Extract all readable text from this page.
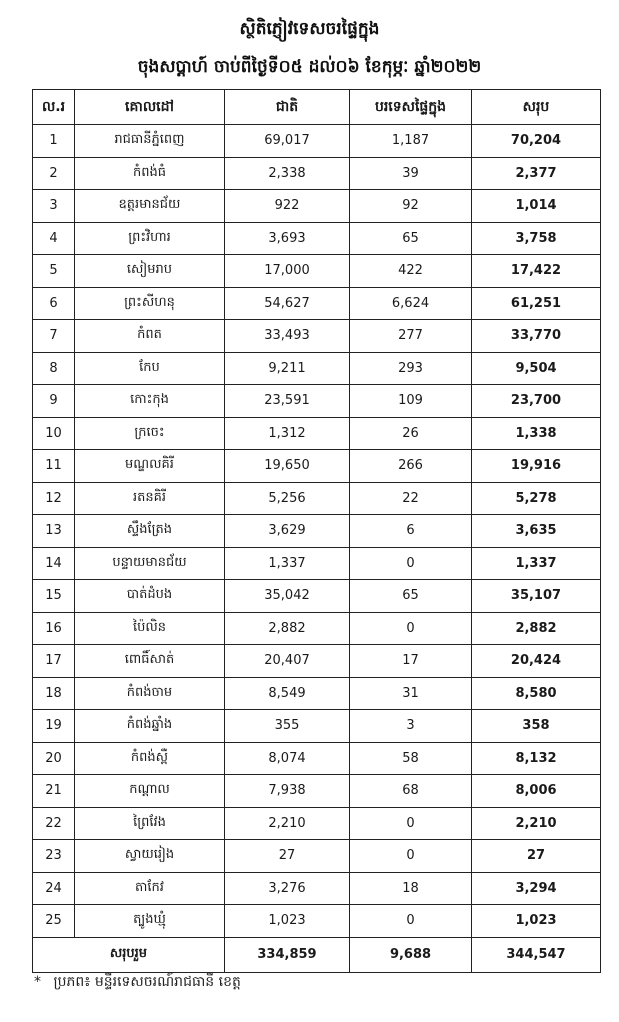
ស្ថិតិភ្ញៀវទេសចរផ្ទៃក្នុង
ចុងសប្តាហ៍ ចាប់ពីថ្ងៃទី០៥ ដល់០៦ ខែកុម្ភៈ ឆ្នាំ២០២២
ល.រ	គោលដៅ	ជាតិ	បរទេសផ្ទៃក្នុង	សរុប
1	រាជធានីភ្នំពេញ	69,017	1,187	70,204
2	កំពង់ធំ	2,338	39	2,377
3	ឧត្តរមានជ័យ	922	92	1,014
4	ព្រះវិហារ	3,693	65	3,758
5	សៀមរាប	17,000	422	17,422
6	ព្រះសីហនុ	54,627	6,624	61,251
7	កំពត	33,493	277	33,770
8	កែប	9,211	293	9,504
9	កោះកុង	23,591	109	23,700
10	ក្រចេះ	1,312	26	1,338
11	មណ្ឌលគិរី	19,650	266	19,916
12	រតនគិរី	5,256	22	5,278
13	ស្ទឹងត្រែង	3,629	6	3,635
14	បន្ទាយមានជ័យ	1,337	0	1,337
15	បាត់ដំបង	35,042	65	35,107
16	ប៉ៃលិន	2,882	0	2,882
17	ពោធិ៍សាត់	20,407	17	20,424
18	កំពង់ចាម	8,549	31	8,580
19	កំពង់ឆ្នាំង	355	3	358
20	កំពង់ស្ពឺ	8,074	58	8,132
21	កណ្ដាល	7,938	68	8,006
22	ព្រៃវែង	2,210	0	2,210
23	ស្វាយរៀង	27	0	27
24	តាកែវ	3,276	18	3,294
25	ត្បូងឃ្មុំ	1,023	0	1,023
សរុបរួម		334,859	9,688	344,547
* ប្រភព៖ មន្ទីរទេសចរណ៍រាជធានី ខេត្ត
